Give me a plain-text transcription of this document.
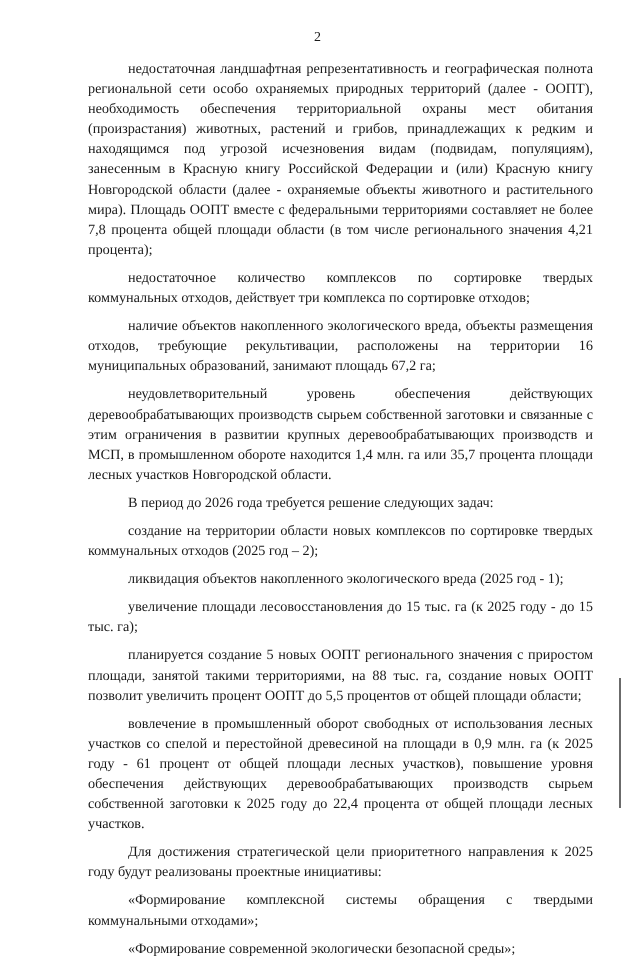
2

недостаточная ландшафтная репрезентативность и географическая полнота региональной сети особо охраняемых природных территорий (далее - ООПТ), необходимость обеспечения территориальной охраны мест обитания (произрастания) животных, растений и грибов, принадлежащих к редким и находящимся под угрозой исчезновения видам (подвидам, популяциям), занесенным в Красную книгу Российской Федерации и (или) Красную книгу Новгородской области (далее - охраняемые объекты животного и растительного мира). Площадь ООПТ вместе с федеральными территориями составляет не более 7,8 процента общей площади области (в том числе регионального значения 4,21 процента);

недостаточное количество комплексов по сортировке твердых коммунальных отходов, действует три комплекса по сортировке отходов;

наличие объектов накопленного экологического вреда, объекты размещения отходов, требующие рекультивации, расположены на территории 16 муниципальных образований, занимают площадь 67,2 га;

неудовлетворительный уровень обеспечения действующих деревообрабатывающих производств сырьем собственной заготовки и связанные с этим ограничения в развитии крупных деревообрабатывающих производств и МСП, в промышленном обороте находится 1,4 млн. га или 35,7 процента площади лесных участков Новгородской области.

В период до 2026 года требуется решение следующих задач:

создание на территории области новых комплексов по сортировке твердых коммунальных отходов (2025 год – 2);

ликвидация объектов накопленного экологического вреда (2025 год - 1);

увеличение площади лесовосстановления до 15 тыс. га (к 2025 году - до 15 тыс. га);

планируется создание 5 новых ООПТ регионального значения с приростом площади, занятой такими территориями, на 88 тыс. га, создание новых ООПТ позволит увеличить процент ООПТ до 5,5 процентов от общей площади области;

вовлечение в промышленный оборот свободных от использования лесных участков со спелой и перестойной древесиной на площади в 0,9 млн. га (к 2025 году - 61 процент от общей площади лесных участков), повышение уровня обеспечения действующих деревообрабатывающих производств сырьем собственной заготовки к 2025 году до 22,4 процента от общей площади лесных участков.

Для достижения стратегической цели приоритетного направления к 2025 году будут реализованы проектные инициативы:

«Формирование комплексной системы обращения с твердыми коммунальными отходами»;

«Формирование современной экологически безопасной среды»;
